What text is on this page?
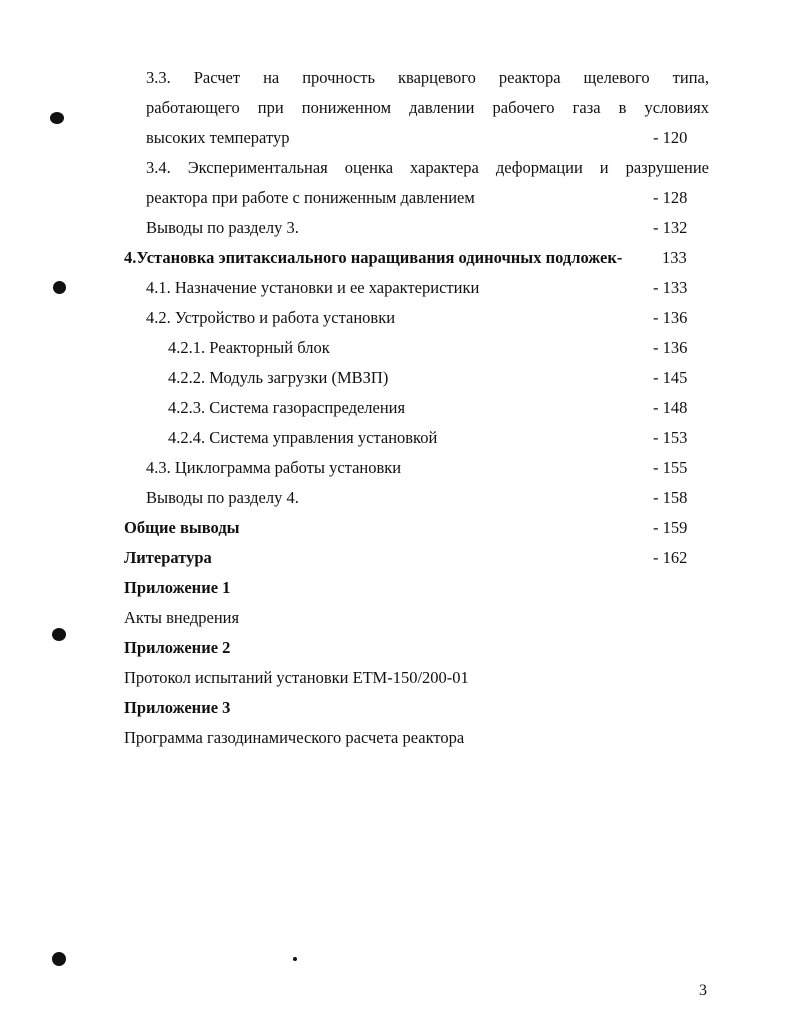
3.3. Расчет на прочность кварцевого реактора щелевого типа,
работающего при пониженном давлении рабочего газа в условиях
высоких температур	- 120
3.4. Экспериментальная оценка характера деформации и разрушение
реактора при работе с пониженным давлением	- 128
Выводы по разделу 3.	- 132
4.Установка эпитаксиального наращивания одиночных подложек- 133
4.1. Назначение установки и ее характеристики	- 133
4.2. Устройство и работа установки	- 136
4.2.1. Реакторный блок	- 136
4.2.2. Модуль загрузки (МВЗП)	- 145
4.2.3. Система газораспределения	- 148
4.2.4. Система управления установкой	- 153
4.3. Циклограмма работы установки	- 155
Выводы по разделу 4.	- 158
Общие выводы	- 159
Литература	- 162
Приложение 1
Акты внедрения
Приложение 2
Протокол испытаний установки ЕТМ-150/200-01
Приложение 3
Программа газодинамического расчета реактора
3
